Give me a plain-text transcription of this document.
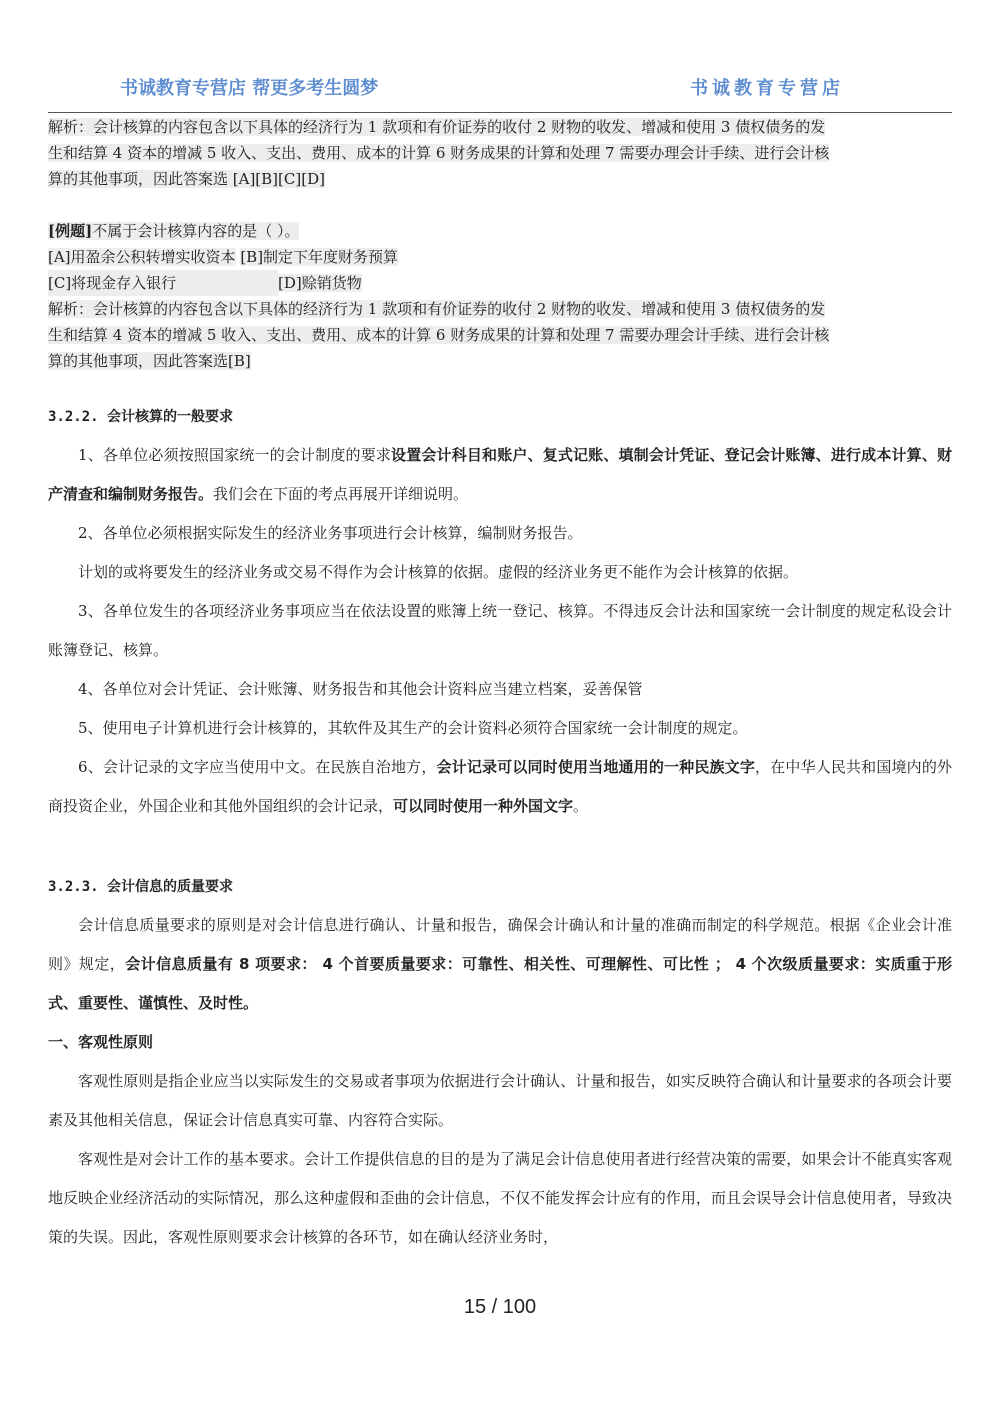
书诚教育专营店 帮更多考生圆梦	书诚教育专营店
解析：会计核算的内容包含以下具体的经济行为 1 款项和有价证券的收付 2 财物的收发、增减和使用 3 债权债务的发
生和结算 4 资本的增减 5 收入、支出、费用、成本的计算 6 财务成果的计算和处理 7 需要办理会计手续、进行会计核
算的其他事项，因此答案选 [A][B][C][D]
[例题]不属于会计核算内容的是（ ）。
[A]用盈余公积转增实收资本 [B]制定下年度财务预算
[C]将现金存入银行	[D]赊销货物
解析：会计核算的内容包含以下具体的经济行为 1 款项和有价证券的收付 2 财物的收发、增减和使用 3 债权债务的发
生和结算 4 资本的增减 5 收入、支出、费用、成本的计算 6 财务成果的计算和处理 7 需要办理会计手续、进行会计核
算的其他事项，因此答案选[B]

3.2.2. 会计核算的一般要求

1、各单位必须按照国家统一的会计制度的要求设置会计科目和账户、复式记账、填制会计凭证、登记会计账簿、进行成本计算、财产清查和编制财务报告。我们会在下面的考点再展开详细说明。

2、各单位必须根据实际发生的经济业务事项进行会计核算，编制财务报告。

计划的或将要发生的经济业务或交易不得作为会计核算的依据。虚假的经济业务更不能作为会计核算的依据。

3、各单位发生的各项经济业务事项应当在依法设置的账簿上统一登记、核算。不得违反会计法和国家统一会计制度的规定私设会计账簿登记、核算。

4、各单位对会计凭证、会计账簿、财务报告和其他会计资料应当建立档案，妥善保管

5、使用电子计算机进行会计核算的，其软件及其生产的会计资料必须符合国家统一会计制度的规定。

6、会计记录的文字应当使用中文。在民族自治地方，会计记录可以同时使用当地通用的一种民族文字，在中华人民共和国境内的外商投资企业，外国企业和其他外国组织的会计记录，可以同时使用一种外国文字。

3.2.3. 会计信息的质量要求

会计信息质量要求的原则是对会计信息进行确认、计量和报告，确保会计确认和计量的准确而制定的科学规范。根据《企业会计准则》规定，会计信息质量有 8 项要求： 4 个首要质量要求：可靠性、相关性、可理解性、可比性 ； 4 个次级质量要求：实质重于形式、重要性、谨慎性、及时性。

一、客观性原则

客观性原则是指企业应当以实际发生的交易或者事项为依据进行会计确认、计量和报告，如实反映符合确认和计量要求的各项会计要素及其他相关信息，保证会计信息真实可靠、内容符合实际。

客观性是对会计工作的基本要求。会计工作提供信息的目的是为了满足会计信息使用者进行经营决策的需要，如果会计不能真实客观地反映企业经济活动的实际情况，那么这种虚假和歪曲的会计信息，不仅不能发挥会计应有的作用，而且会误导会计信息使用者，导致决策的失误。因此，客观性原则要求会计核算的各环节，如在确认经济业务时，

15 / 100
